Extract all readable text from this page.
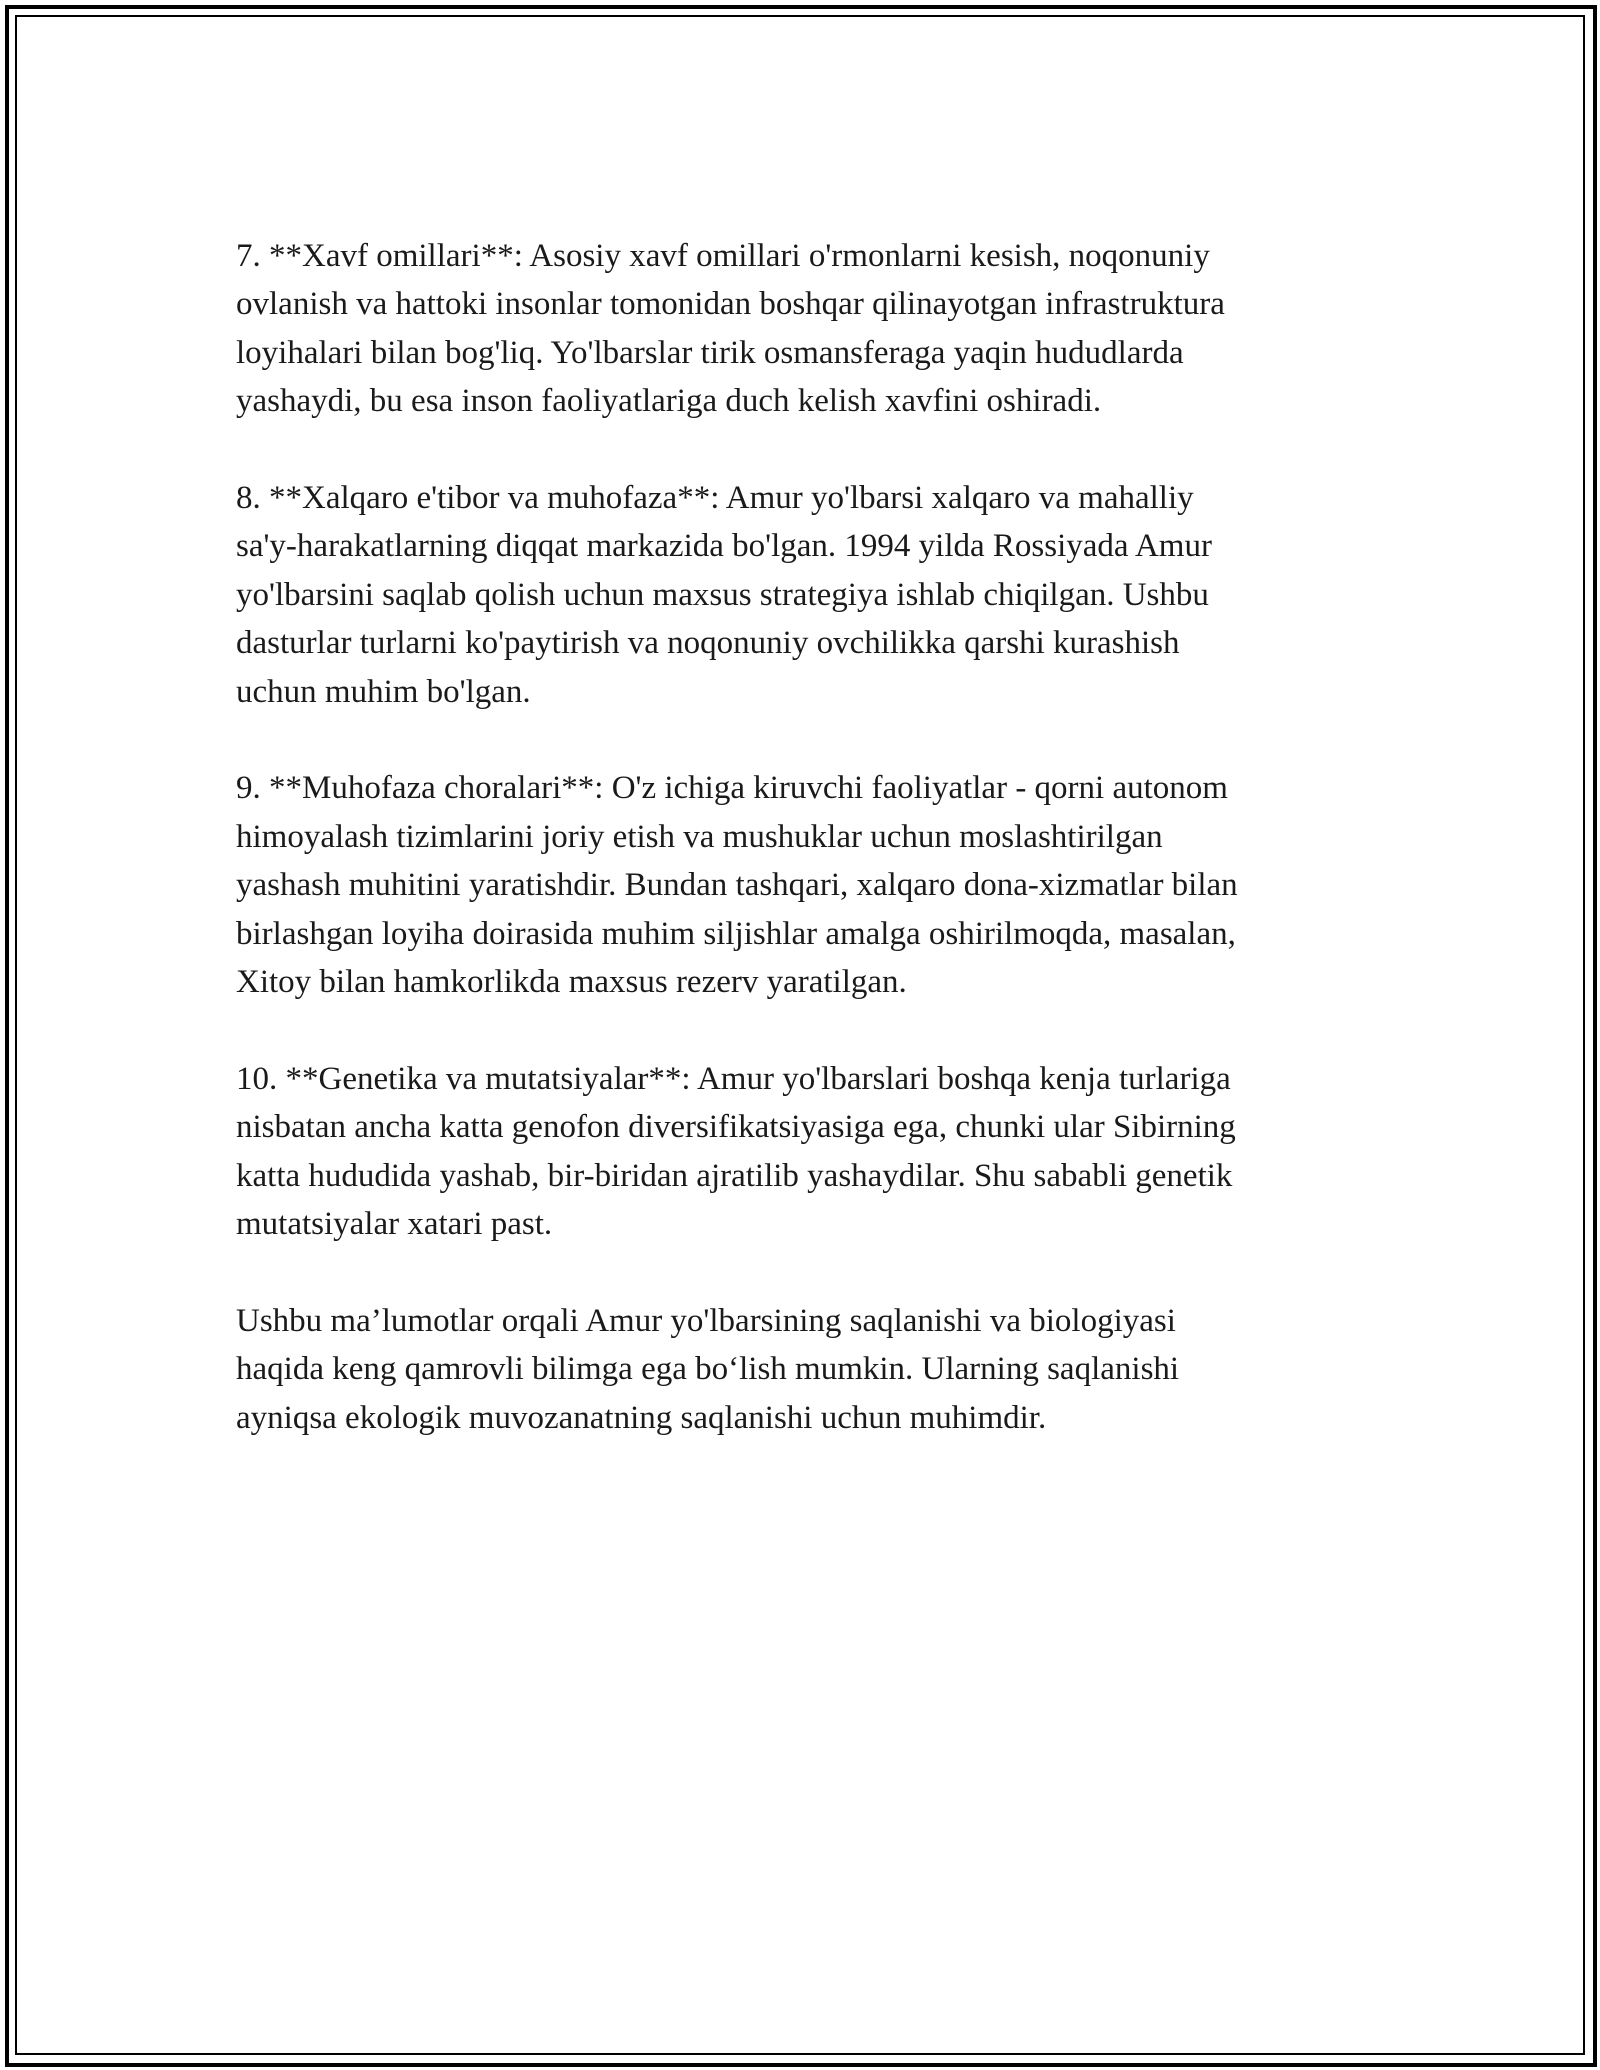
7. **Xavf omillari**: Asosiy xavf omillari o'rmonlarni kesish, noqonuniy
ovlanish va hattoki insonlar tomonidan boshqar qilinayotgan infrastruktura
loyihalari bilan bog'liq. Yo'lbarslar tirik osmansferaga yaqin hududlarda
yashaydi, bu esa inson faoliyatlariga duch kelish xavfini oshiradi.

8. **Xalqaro e'tibor va muhofaza**: Amur yo'lbarsi xalqaro va mahalliy
sa'y-harakatlarning diqqat markazida bo'lgan. 1994 yilda Rossiyada Amur
yo'lbarsini saqlab qolish uchun maxsus strategiya ishlab chiqilgan. Ushbu
dasturlar turlarni ko'paytirish va noqonuniy ovchilikka qarshi kurashish
uchun muhim bo'lgan.

9. **Muhofaza choralari**: O'z ichiga kiruvchi faoliyatlar - qorni autonom
himoyalash tizimlarini joriy etish va mushuklar uchun moslashtirilgan
yashash muhitini yaratishdir. Bundan tashqari, xalqaro dona-xizmatlar bilan
birlashgan loyiha doirasida muhim siljishlar amalga oshirilmoqda, masalan,
Xitoy bilan hamkorlikda maxsus rezerv yaratilgan.

10. **Genetika va mutatsiyalar**: Amur yo'lbarslari boshqa kenja turlariga
nisbatan ancha katta genofon diversifikatsiyasiga ega, chunki ular Sibirning
katta hududida yashab, bir-biridan ajratilib yashaydilar. Shu sababli genetik
mutatsiyalar xatari past.

Ushbu ma’lumotlar orqali Amur yo'lbarsining saqlanishi va biologiyasi
haqida keng qamrovli bilimga ega bo‘lish mumkin. Ularning saqlanishi
ayniqsa ekologik muvozanatning saqlanishi uchun muhimdir.
